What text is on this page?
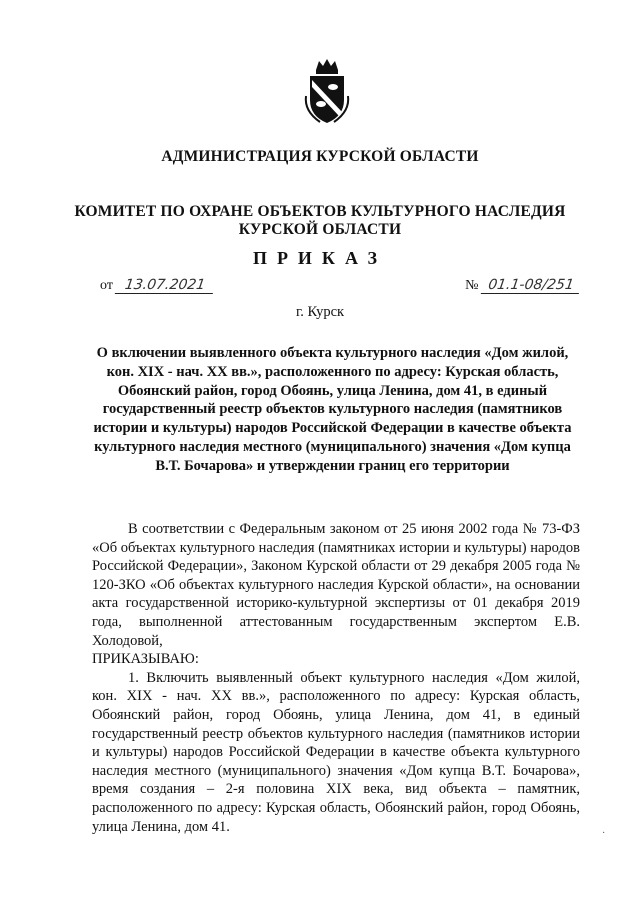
АДМИНИСТРАЦИЯ КУРСКОЙ ОБЛАСТИ
КОМИТЕТ ПО ОХРАНЕ ОБЪЕКТОВ КУЛЬТУРНОГО НАСЛЕДИЯ
КУРСКОЙ ОБЛАСТИ
ПРИКАЗ
от 13.07.2021	№ 01.1-08/251
г. Курск
О включении выявленного объекта культурного наследия «Дом жилой, кон. XIX - нач. XX вв.», расположенного по адресу: Курская область, Обоянский район, город Обоянь, улица Ленина, дом 41, в единый государственный реестр объектов культурного наследия (памятников истории и культуры) народов Российской Федерации в качестве объекта культурного наследия местного (муниципального) значения «Дом купца В.Т. Бочарова» и утверждении границ его территории

В соответствии с Федеральным законом от 25 июня 2002 года № 73-ФЗ «Об объектах культурного наследия (памятниках истории и культуры) народов Российской Федерации», Законом Курской области от 29 декабря 2005 года № 120-ЗКО «Об объектах культурного наследия Курской области», на основании акта государственной историко-культурной экспертизы от 01 декабря 2019 года, выполненной аттестованным государственным экспертом Е.В. Холодовой,

ПРИКАЗЫВАЮ:

1. Включить выявленный объект культурного наследия «Дом жилой, кон. XIX - нач. XX вв.», расположенного по адресу: Курская область, Обоянский район, город Обоянь, улица Ленина, дом 41, в единый государственный реестр объектов культурного наследия (памятников истории и культуры) народов Российской Федерации в качестве объекта культурного наследия местного (муниципального) значения «Дом купца В.Т. Бочарова», время создания – 2-я половина XIX века, вид объекта – памятник, расположенного по адресу: Курская область, Обоянский район, город Обоянь, улица Ленина, дом 41.	·
